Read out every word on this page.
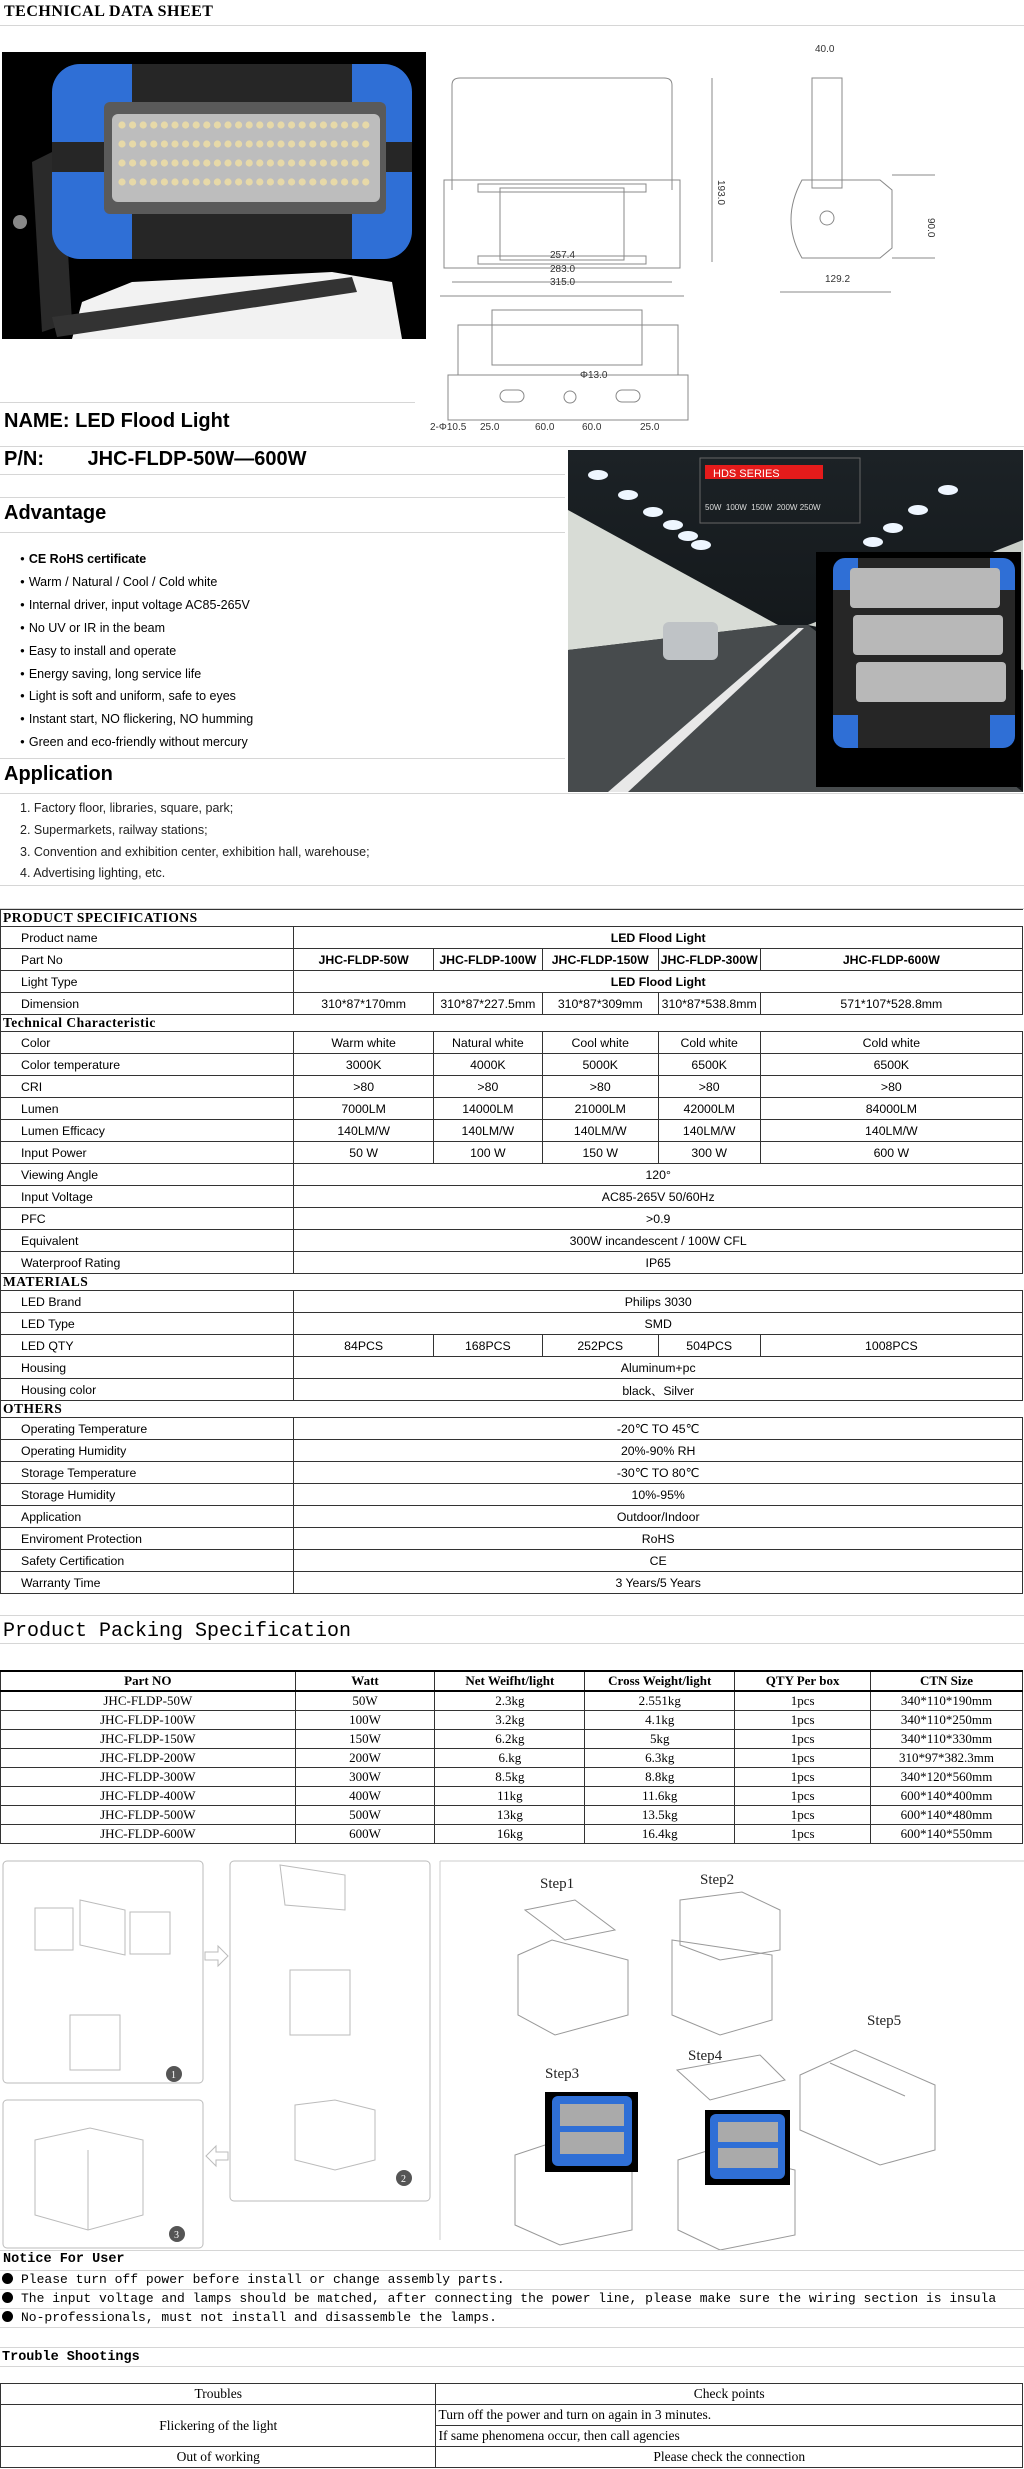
TECHNICAL DATA SHEET
40.0
193.0
90.0
257.4
283.0
315.0	129.2
Φ13.0
2-Φ10.5 25.0	60.0	60.0	25.0
NAME: LED Flood Light
P/N: JHC-FLDP-50W—600W
HDS SERIES
50W  100W  150W  200W 250W
Advantage
● CE RoHS certificate
● Warm / Natural / Cool / Cold white
● Internal driver, input voltage AC85-265V
● No UV or IR in the beam
● Easy to install and operate
● Energy saving, long service life
● Light is soft and uniform, safe to eyes
● Instant start, NO flickering, NO humming
● Green and eco-friendly without mercury
Application
1. Factory floor, libraries, square, park;
2. Supermarkets, railway stations;
3. Convention and exhibition center, exhibition hall, warehouse;
4. Advertising lighting, etc.
PRODUCT SPECIFICATIONS					
Product name	LED Flood Light				
Part No	JHC-FLDP-50W	JHC-FLDP-100W	JHC-FLDP-150W	JHC-FLDP-300W	JHC-FLDP-600W
Light Type	LED Flood Light				
Dimension	310*87*170mm	310*87*227.5mm	310*87*309mm	310*87*538.8mm	571*107*528.8mm
Technical Characteristic					
Color	Warm white	Natural white	Cool white	Cold white	Cold white
Color temperature	3000K	4000K	5000K	6500K	6500K
CRI	>80	>80	>80	>80	>80
Lumen	7000LM	14000LM	21000LM	42000LM	84000LM
Lumen Efficacy	140LM/W	140LM/W	140LM/W	140LM/W	140LM/W
Input Power	50 W	100 W	150 W	300 W	600 W
Viewing Angle	120°				
Input Voltage	AC85-265V 50/60Hz				
PFC	>0.9				
Equivalent	300W incandescent / 100W CFL				
Waterproof Rating	IP65				
MATERIALS					
LED Brand	Philips 3030				
LED Type	SMD				
LED QTY	84PCS	168PCS	252PCS	504PCS	1008PCS
Housing	Aluminum+pc				
Housing color	black、Silver				
OTHERS					
Operating Temperature	-20℃ TO 45℃				
Operating Humidity	20%-90% RH				
Storage Temperature	-30℃ TO 80℃				
Storage Humidity	10%-95%				
Application	Outdoor/Indoor				
Enviroment Protection	RoHS				
Safety Certification	CE				
Warranty Time	3 Years/5 Years				
Product Packing Specification
Part NO	Watt	Net Weifht/light	Cross Weight/light	QTY Per box	CTN Size
JHC-FLDP-50W	50W	2.3kg	2.551kg	1pcs	340*110*190mm
JHC-FLDP-100W	100W	3.2kg	4.1kg	1pcs	340*110*250mm
JHC-FLDP-150W	150W	6.2kg	5kg	1pcs	340*110*330mm
JHC-FLDP-200W	200W	6.kg	6.3kg	1pcs	310*97*382.3mm
JHC-FLDP-300W	300W	8.5kg	8.8kg	1pcs	340*120*560mm
JHC-FLDP-400W	400W	11kg	11.6kg	1pcs	600*140*400mm
JHC-FLDP-500W	500W	13kg	13.5kg	1pcs	600*140*480mm
JHC-FLDP-600W	600W	16kg	16.4kg	1pcs	600*140*550mm
1
2
3
Step1	Step2
Step3
Step4
Step5
Notice For User
Please turn off power before install or change assembly parts.
The input voltage and lamps should be matched, after connecting the power line, please make sure the wiring section is insula
No-professionals, must not install and disassemble the lamps.
Trouble Shootings
Troubles	Check points
Flickering of the light	Turn off the power and turn on again in 3 minutes.
	If same phenomena occur, then call agencies
Out of working	Please check the connection
